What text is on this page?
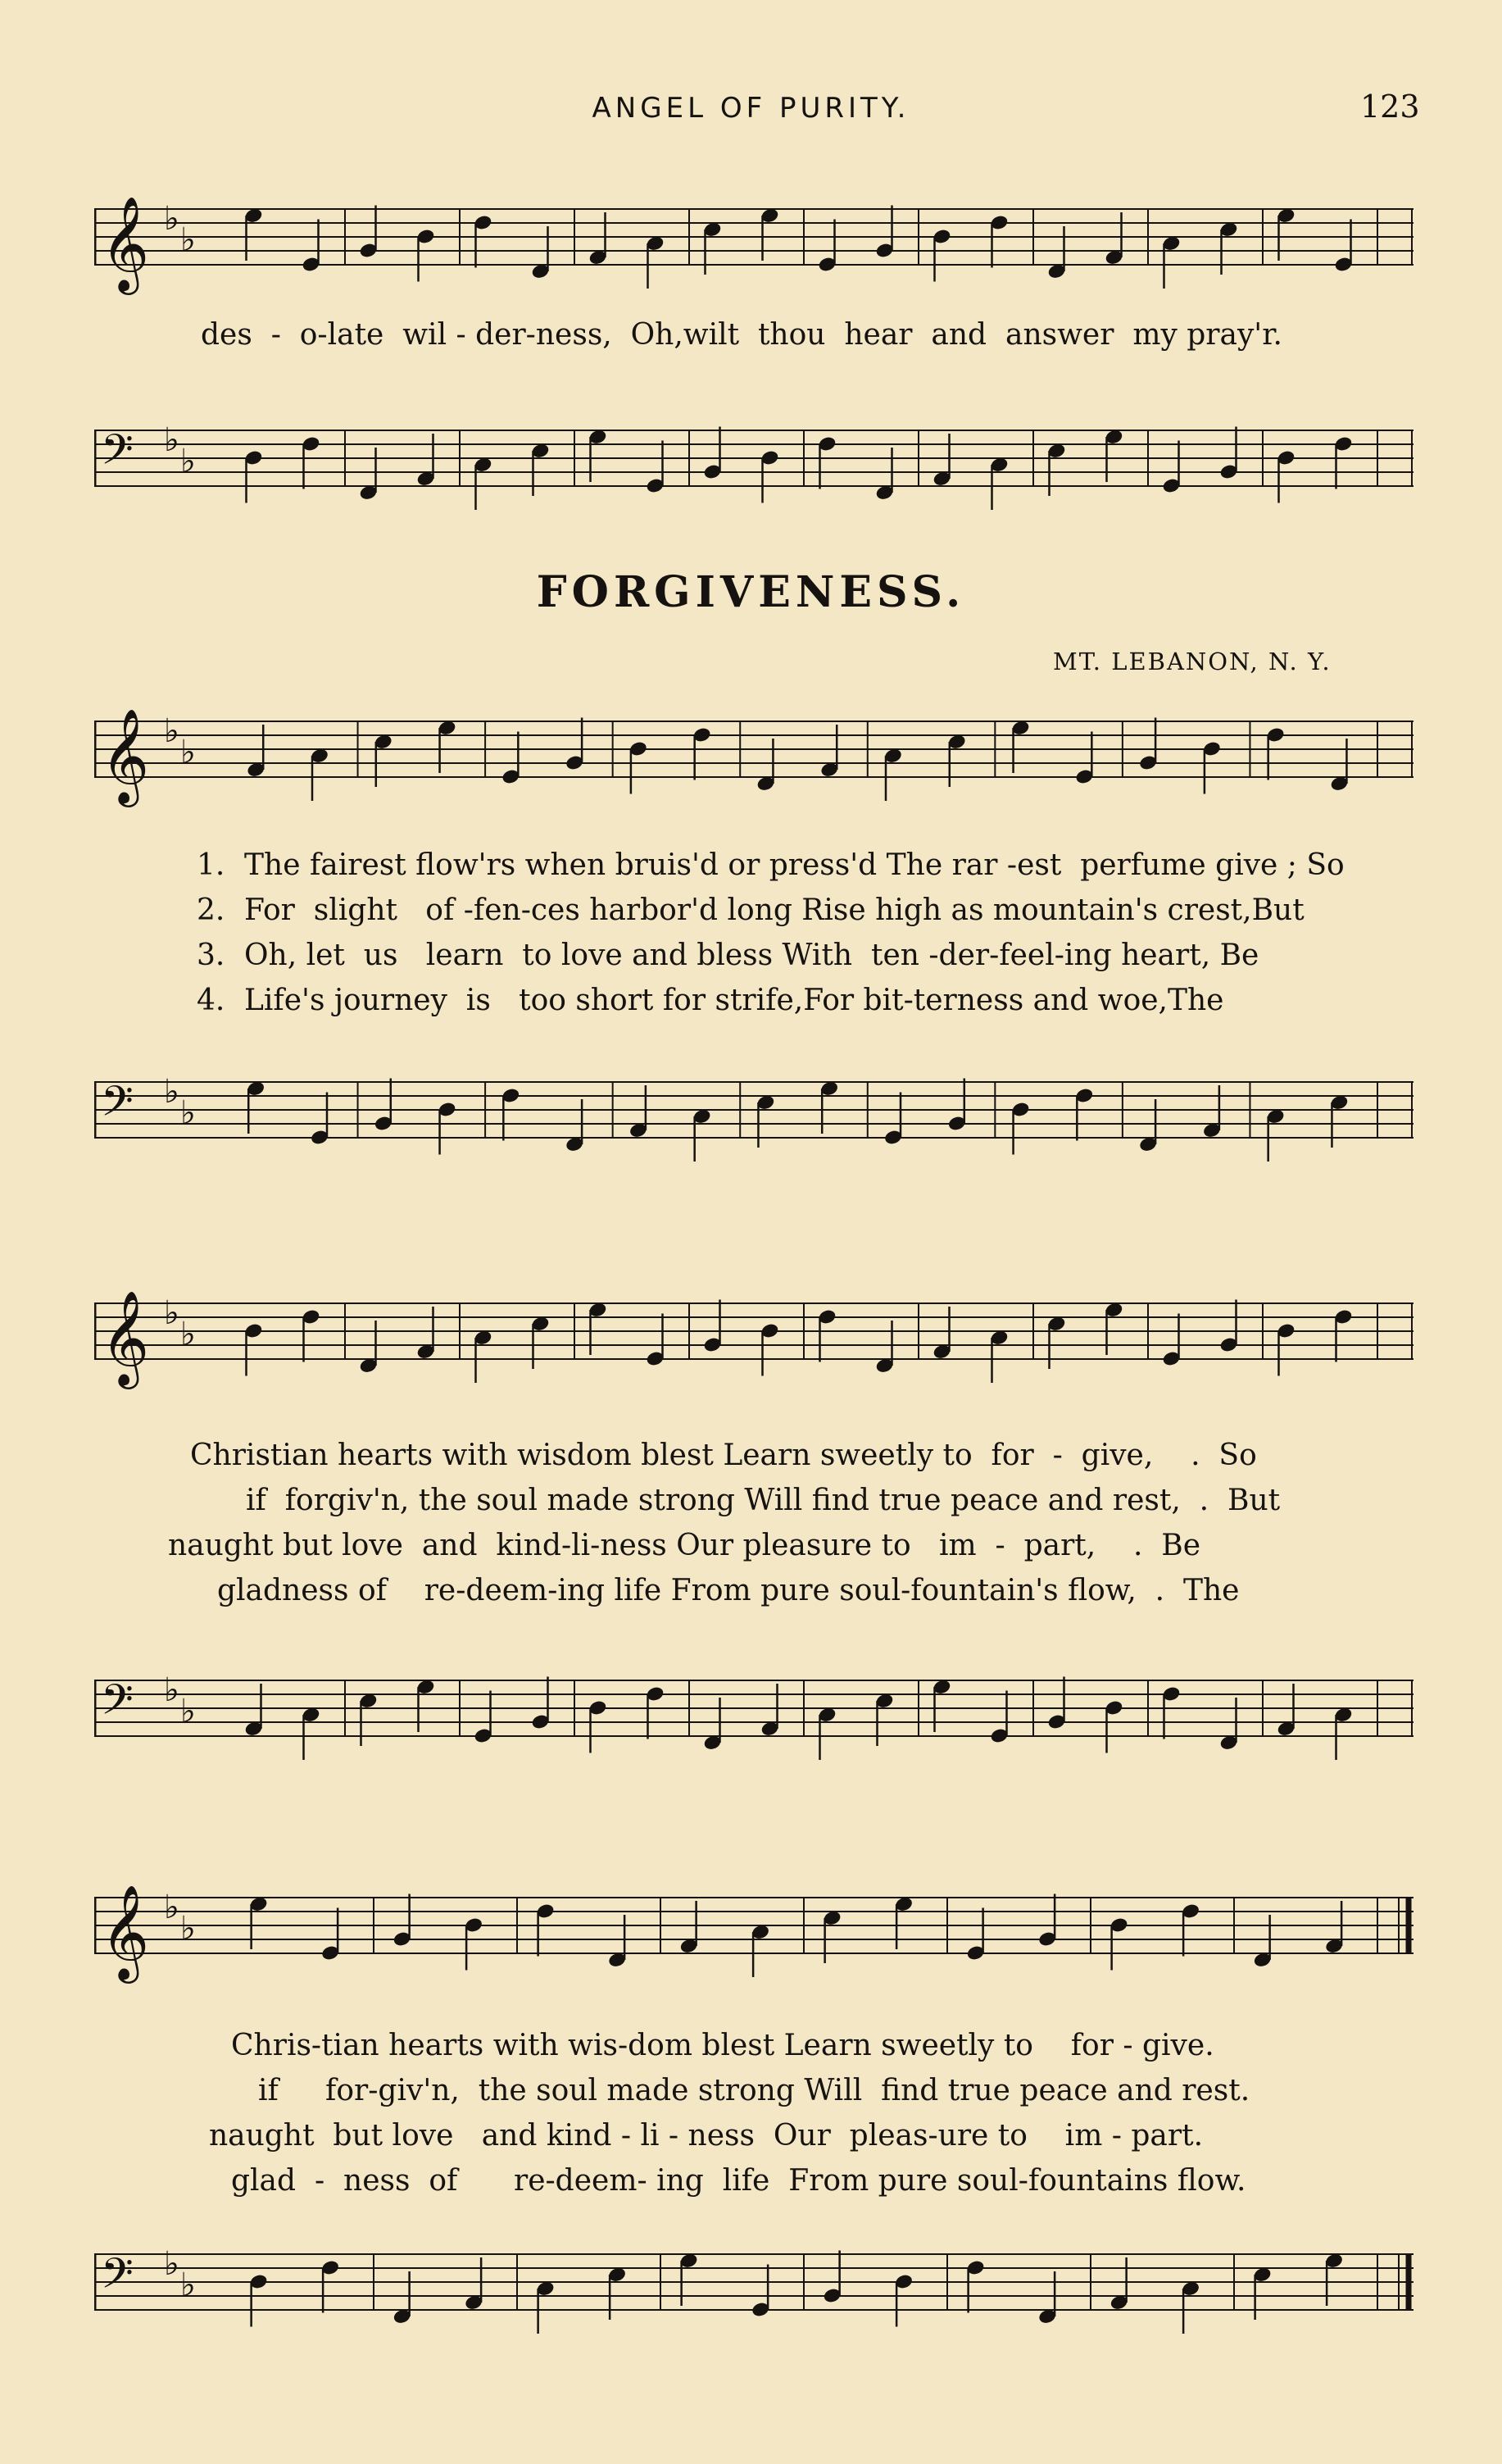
ANGEL OF PURITY.	123
𝄞 ♭
♭
des  -  o-late  wil - der-ness,  Oh,wilt  thou  hear  and  answer  my pray'r.
𝄢 ♭
♭
FORGIVENESS.
MT. LEBANON, N. Y.
𝄞 ♭
♭
1. The fairest flow'rs when bruis'd or press'd The rar -est  perfume give ; So
2. For  slight   of -fen-ces harbor'd long Rise high as mountain's crest,But
3. Oh, let  us   learn  to love and bless With  ten -der-feel-ing heart, Be
4. Life's journey  is   too short for strife,For bit-terness and woe,The
𝄢 ♭
♭
𝄞 ♭
♭
Christian hearts with wisdom blest Learn sweetly to  for  -  give,    .  So
if  forgiv'n, the soul made strong Will find true peace and rest,  .  But
naught but love  and  kind-li-ness Our pleasure to   im  -  part,    .  Be
gladness of    re-deem-ing life From pure soul-fountain's flow,  .  The
𝄢 ♭
♭
𝄞 ♭
♭
Chris-tian hearts with wis-dom blest Learn sweetly to    for - give.
if     for-giv'n,  the soul made strong Will  find true peace and rest.
naught  but love   and kind - li - ness  Our  pleas-ure to    im - part.
glad  -  ness  of      re-deem- ing  life  From pure soul-fountains flow.
𝄢 ♭
♭
